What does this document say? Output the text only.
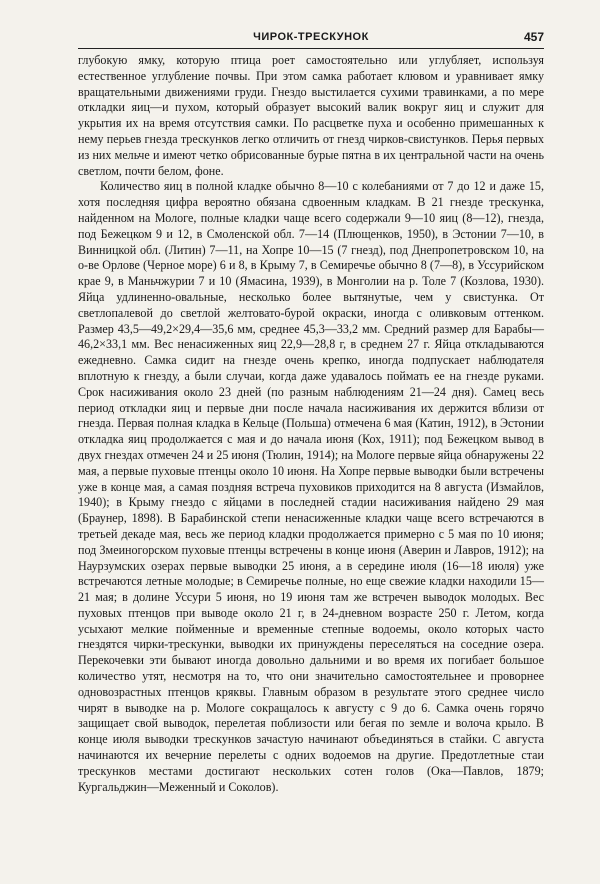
ЧИРОК-ТРЕСКУНОК	457

глубокую ямку, которую птица роет самостоятельно или углубляет, используя естественное углубление почвы. При этом самка работает клювом и уравнивает ямку вращательными движениями груди. Гнездо выстилается сухими травинками, а по мере откладки яиц—и пухом, который образует высокий валик вокруг яиц и служит для укрытия их на время отсутствия самки. По расцветке пуха и особенно примешанных к нему перьев гнезда трескунков легко отличить от гнезд чирков-свистунков. Перья первых из них мельче и имеют четко обрисованные бурые пятна в их центральной части на очень светлом, почти белом, фоне.

Количество яиц в полной кладке обычно 8—10 с колебаниями от 7 до 12 и даже 15, хотя последняя цифра вероятно обязана сдвоенным кладкам. В 21 гнезде трескунка, найденном на Мологе, полные кладки чаще всего содержали 9—10 яиц (8—12), гнезда, под Бежецком 9 и 12, в Смоленской обл. 7—14 (Плющенков, 1950), в Эстонии 7—10, в Винницкой обл. (Литин) 7—11, на Хопре 10—15 (7 гнезд), под Днепропетровском 10, на о-ве Орлове (Черное море) 6 и 8, в Крыму 7, в Семиречье обычно 8 (7—8), в Уссурийском крае 9, в Маньчжурии 7 и 10 (Ямасина, 1939), в Монголии на р. Толе 7 (Козлова, 1930). Яйца удлиненно-овальные, несколько более вытянутые, чем у свистунка. От светлопалевой до светлой желтовато-бурой окраски, иногда с оливковым оттенком. Размер 43,5—49,2×29,4—35,6 мм, среднее 45,3—33,2 мм. Средний размер для Барабы—46,2×33,1 мм. Вес ненасиженных яиц 22,9—28,8 г, в среднем 27 г. Яйца откладываются ежедневно. Самка сидит на гнезде очень крепко, иногда подпускает наблюдателя вплотную к гнезду, а были случаи, когда даже удавалось поймать ее на гнезде руками. Срок насиживания около 23 дней (по разным наблюдениям 21—24 дня). Самец весь период откладки яиц и первые дни после начала насиживания их держится вблизи от гнезда. Первая полная кладка в Кельце (Польша) отмечена 6 мая (Катин, 1912), в Эстонии откладка яиц продолжается с мая и до начала июня (Кох, 1911); под Бежецком вывод в двух гнездах отмечен 24 и 25 июня (Тюлин, 1914); на Мологе первые яйца обнаружены 22 мая, а первые пуховые птенцы около 10 июня. На Хопре первые выводки были встречены уже в конце мая, а самая поздняя встреча пуховиков приходится на 8 августа (Измайлов, 1940); в Крыму гнездо с яйцами в последней стадии насиживания найдено 29 мая (Браунер, 1898). В Барабинской степи ненасиженные кладки чаще всего встречаются в третьей декаде мая, весь же период кладки продолжается примерно с 5 мая по 10 июня; под Змеиногорском пуховые птенцы встречены в конце июня (Аверин и Лавров, 1912); на Наурзумских озерах первые выводки 25 июня, а в середине июля (16—18 июля) уже встречаются летные молодые; в Семиречье полные, но еще свежие кладки находили 15—21 мая; в долине Уссури 5 июня, но 19 июня там же встречен выводок молодых. Вес пуховых птенцов при выводе около 21 г, в 24-дневном возрасте 250 г. Летом, когда усыхают мелкие пойменные и временные степные водоемы, около которых часто гнездятся чирки-трескунки, выводки их принуждены переселяться на соседние озера. Перекочевки эти бывают иногда довольно дальними и во время их погибает большое количество утят, несмотря на то, что они значительно самостоятельнее и проворнее одновозрастных птенцов кряквы. Главным образом в результате этого среднее число чирят в выводке на р. Мологе сокращалось к августу с 9 до 6. Самка очень горячо защищает свой выводок, перелетая поблизости или бегая по земле и волоча крыло. В конце июля выводки трескунков зачастую начинают объединяться в стайки. С августа начинаются их вечерние перелеты с одних водоемов на другие. Предотлетные стаи трескунков местами достигают нескольких сотен голов (Ока—Павлов, 1879; Кургальджин—Меженный и Соколов).
